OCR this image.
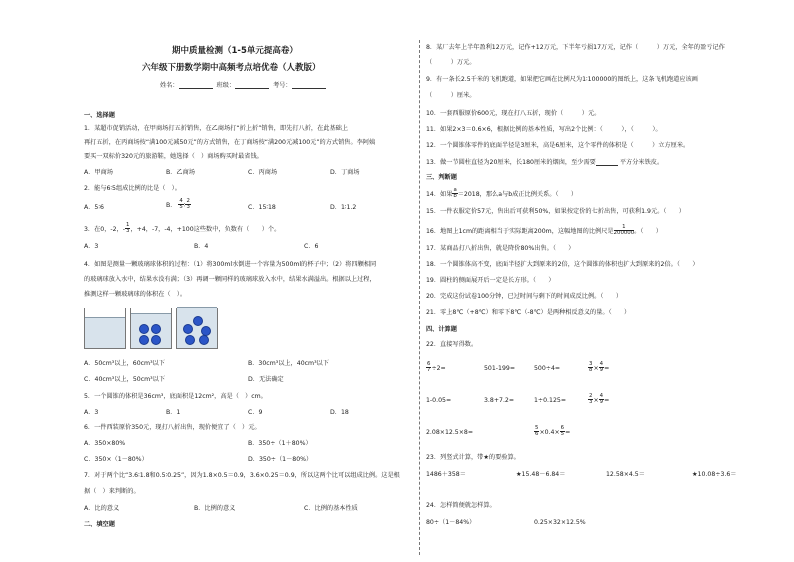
期中质量检测（1-5单元提高卷）
六年级下册数学期中高频考点培优卷（人教版）
姓名：	班级：	考号：
一、选择题
1．某超市促销活动，在甲商场打五折销售，在乙商场打“折上折”销售，即先打八折，在此基础上
再打五折，在丙商场按“满100元减50元”的方式销售，在丁商场按“满200元减100元”的方式销售。李阿姨
要买一双标价320元的旅游鞋，她选择（　）商场购买时最省钱。
A．甲商场	B．乙商场	C．丙商场	D．丁商场
2．能与6∶5组成比例的比是（　）。
A．5∶6	B． $\frac{4}{5}$ ∶ $\frac{2}{3}$	C．15∶18	D．1∶1.2
3．在0，-2，- $\frac{1}{3}$ ，+4，-7，-4，+100这些数中，负数有（　　）个。
A．3	B．4	C．6
4．如图是测量一颗玻璃球体积的过程：（1）将300ml水倒进一个容量为500ml的杯子中；（2）将四颗相同
的玻璃球放入水中，结果水没有满；（3）再调一颗同样的玻璃球放入水中，结果水满溢出。根据以上过程，
推测这样一颗玻璃球的体积在（　）。
A．50cm³以上，60cm³以下	B．30cm³以上，40cm³以下
C．40cm³以上，50cm³以下	D．无法确定
5．一个圆锥的体积是36cm³，底面积是12cm²，高是（　）cm。
A．3	B．1	C．9	D．18
6．一件西装原价350元，现打八折出售，现价便宜了（　）元。
A．350×80%	B．350÷（1＋80%）
C．350×（1－80%）	D．350÷（1－80%）
7．对于两个比“3.6∶1.8和0.5∶0.25”，因为1.8×0.5＝0.9，3.6×0.25＝0.9，所以这两个比可以组成比例。这是根
据（　）来判断的。
A．比的意义	B．比例的意义	C．比例的基本性质
二、填空题
8．某厂去年上半年盈利12万元，记作+12万元，下半年亏损17万元，记作（　　　）万元，全年的盈亏记作
（　　　）万元。
9．有一条长2.5千米的飞机跑道，如果把它画在比例尺为1∶100000的图纸上，这条飞机跑道应该画
（　　　）厘米。
10．一套西服原价600元，现在打八五折，现价（　　　）元。
11．如果2×3＝0.6×6，根据比例的基本性质，写出2个比例：（　　　），（　　　）。
12．一个圆锥体零件的底面半径是3厘米，高是6厘米，这个零件的体积是（　　　）立方厘米。
13．做一节圆柱直径为20厘米，长180厘米的烟囱，至少需要	平方分米铁皮。
三、判断题
14．如果 $\frac{a}{b} =2018$，那么a与b成正比例关系。（　　）
15．一件衣服定价57元，售出后可获利50%，如果按定价的七折出售，可获利1.9元。（　　）
16．地图上1cm的距离相当于实际距离200m，这幅地图的比例尺是 $\frac{1}{200000}$ 。（　　）
17．某商品打八折出售，就是降价80%出售。（　　）
18．一个圆锥体高不变，底面半径扩大到原来的2倍，这个圆锥的体积也扩大到原来的2倍。（　　）
19．圆柱的侧面展开后一定是长方形。（　　）
20．完成这份试卷100分钟，已过时间与剩下的时间成反比例。（　　）
21．零上8℃（+8℃）和零下8℃（-8℃）是两种相反意义的量。（　　）
四、计算题
22．直接写得数。
$\frac{6}{7} \div 2=$	501-199=	500÷4=	$\frac{3}{8} \times \frac{4}{9}$ =
1-0.05=	3.8+7.2=	1÷0.125=	$\frac{2}{3} \times \frac{4}{9}$ =
2.08×12.5×8=	$\frac{5}{6} \times 0.4\times \frac{6}{5}$ =
23．列竖式计算，带★的要验算。
1486＋358＝	★15.48－6.84＝	12.58×4.5＝	★10.08÷3.6＝
24．怎样简便就怎样算。
80÷（1－84%）	0.25×32×12.5%
